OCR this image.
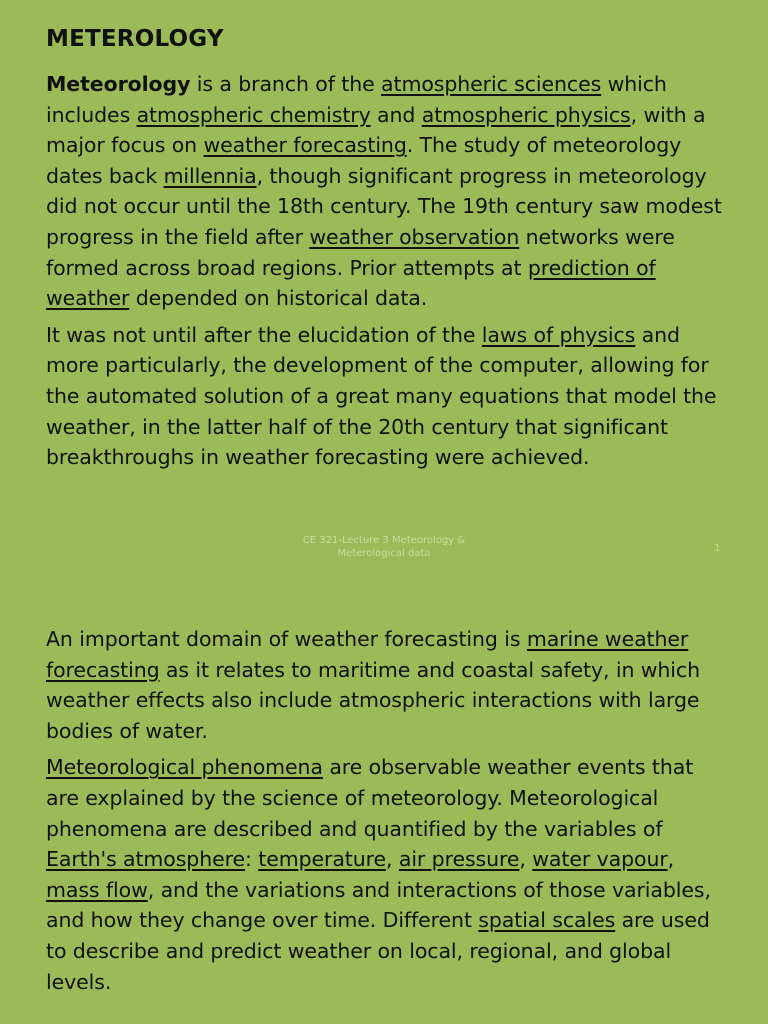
METEROLOGY

Meteorology is a branch of the atmospheric sciences which includes atmospheric chemistry and atmospheric physics, with a major focus on weather forecasting. The study of meteorology dates back millennia, though significant progress in meteorology did not occur until the 18th century. The 19th century saw modest progress in the field after weather observation networks were formed across broad regions. Prior attempts at prediction of weather depended on historical data.

It was not until after the elucidation of the laws of physics and more particularly, the development of the computer, allowing for the automated solution of a great many equations that model the weather, in the latter half of the 20th century that significant breakthroughs in weather forecasting were achieved.

CE 321-Lecture 3 Meteorology &
Meterological data	1

An important domain of weather forecasting is marine weather forecasting as it relates to maritime and coastal safety, in which weather effects also include atmospheric interactions with large bodies of water.

Meteorological phenomena are observable weather events that are explained by the science of meteorology. Meteorological phenomena are described and quantified by the variables of Earth's atmosphere: temperature, air pressure, water vapour, mass flow, and the variations and interactions of those variables, and how they change over time. Different spatial scales are used to describe and predict weather on local, regional, and global levels.
